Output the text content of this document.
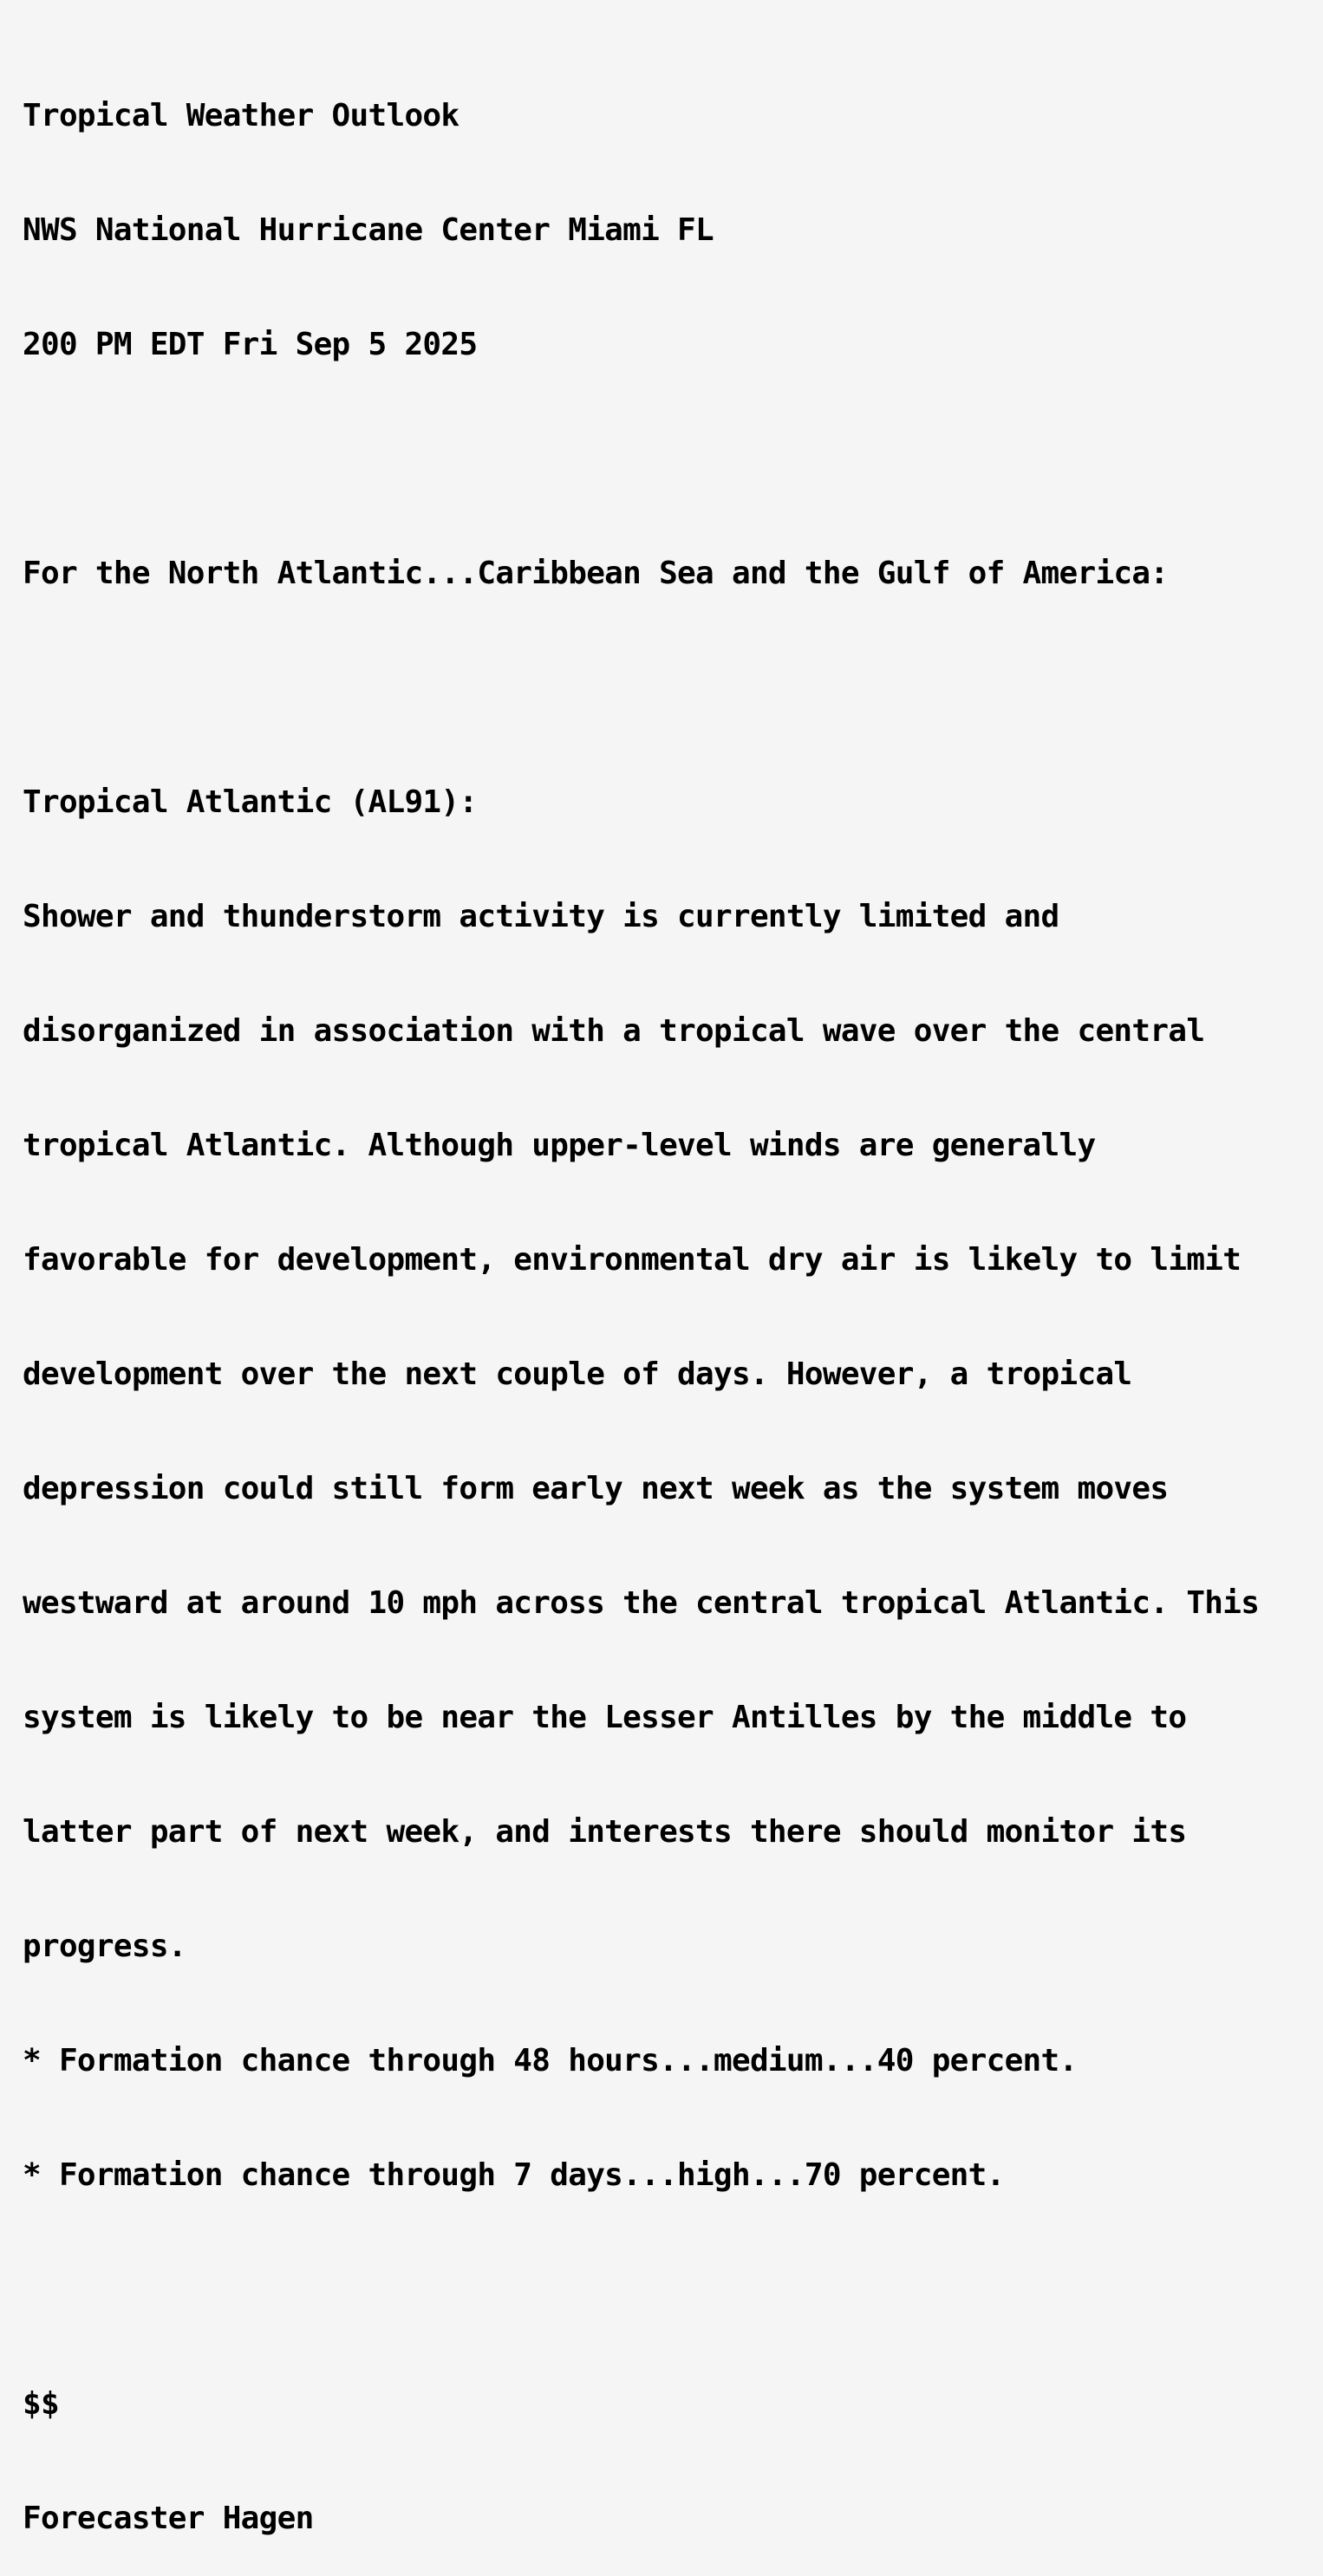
Tropical Weather Outlook

NWS National Hurricane Center Miami FL

200 PM EDT Fri Sep 5 2025

For the North Atlantic...Caribbean Sea and the Gulf of America:

Tropical Atlantic (AL91):

Shower and thunderstorm activity is currently limited and

disorganized in association with a tropical wave over the central

tropical Atlantic. Although upper-level winds are generally

favorable for development, environmental dry air is likely to limit

development over the next couple of days. However, a tropical

depression could still form early next week as the system moves

westward at around 10 mph across the central tropical Atlantic. This

system is likely to be near the Lesser Antilles by the middle to

latter part of next week, and interests there should monitor its

progress.

* Formation chance through 48 hours...medium...40 percent.

* Formation chance through 7 days...high...70 percent.

$$

Forecaster Hagen
